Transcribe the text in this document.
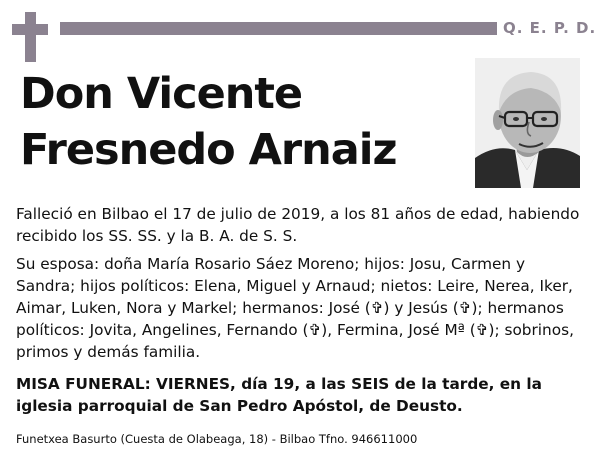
Q. E. P. D.
Don Vicente
Fresnedo Arnaiz
Falleció en Bilbao el 17 de julio de 2019, a los 81 años de edad, habiendo recibido los SS. SS. y la B. A. de S. S.
Su esposa: doña María Rosario Sáez Moreno; hijos: Josu, Carmen y Sandra; hijos políticos: Elena, Miguel y Arnaud; nietos: Leire, Nerea, Iker, Aimar, Luken, Nora y Markel; hermanos: José (✞) y Jesús (✞); hermanos políticos: Jovita, Angelines, Fernando (✞), Fermina, José Mª (✞); sobrinos, primos y demás familia.
MISA FUNERAL: VIERNES, día 19, a las SEIS de la tarde, en la iglesia parroquial de San Pedro Apóstol, de Deusto.
Funetxea Basurto (Cuesta de Olabeaga, 18) - Bilbao Tfno. 946611000
